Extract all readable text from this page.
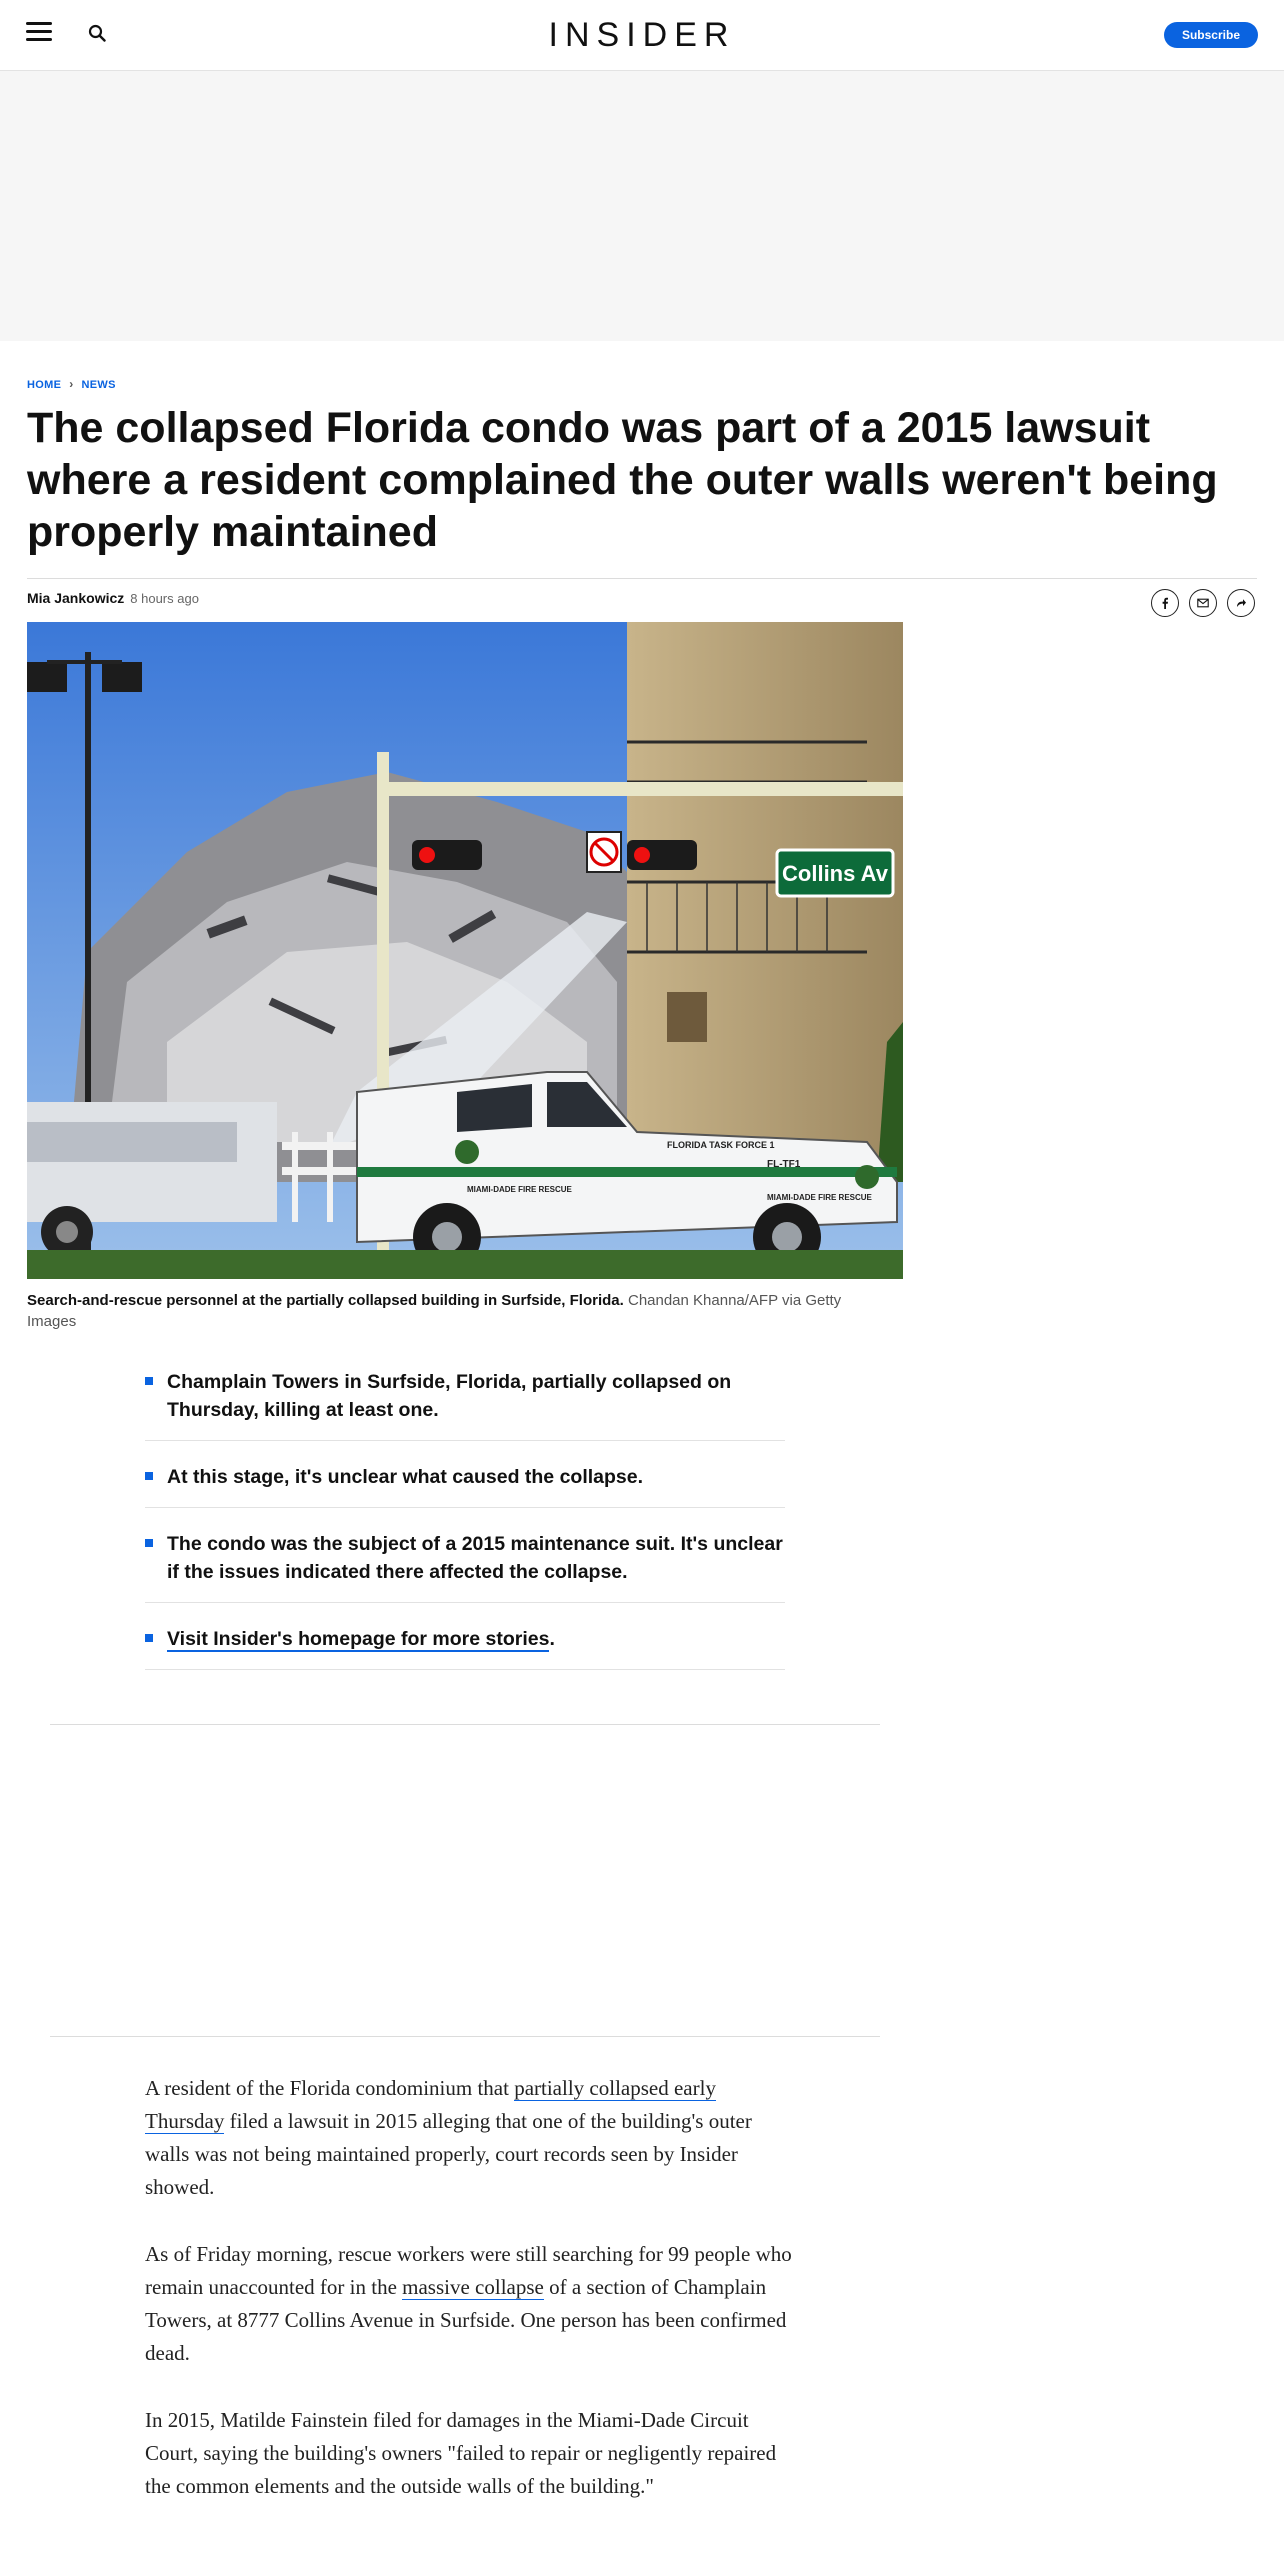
INSIDER	Subscribe
HOME › NEWS
The collapsed Florida condo was part of a 2015 lawsuit where a resident complained the outer walls weren't being properly maintained
Mia Jankowicz 8 hours ago
Collins Av
FLORIDA TASK FORCE 1
MIAMI-DADE FIRE RESCUE
FL-TF1
MIAMI-DADE FIRE RESCUE

Search-and-rescue personnel at the partially collapsed building in Surfside, Florida. Chandan Khanna/AFP via Getty Images

Champlain Towers in Surfside, Florida, partially collapsed on Thursday, killing at least one.
At this stage, it's unclear what caused the collapse.
The condo was the subject of a 2015 maintenance suit. It's unclear if the issues indicated there affected the collapse.
Visit Insider's homepage for more stories.

A resident of the Florida condominium that partially collapsed early Thursday filed a lawsuit in 2015 alleging that one of the building's outer walls was not being maintained properly, court records seen by Insider showed.

As of Friday morning, rescue workers were still searching for 99 people who remain unaccounted for in the massive collapse of a section of Champlain Towers, at 8777 Collins Avenue in Surfside. One person has been confirmed dead.

In 2015, Matilde Fainstein filed for damages in the Miami-Dade Circuit Court, saying the building's owners "failed to repair or negligently repaired the common elements and the outside walls of the building."
